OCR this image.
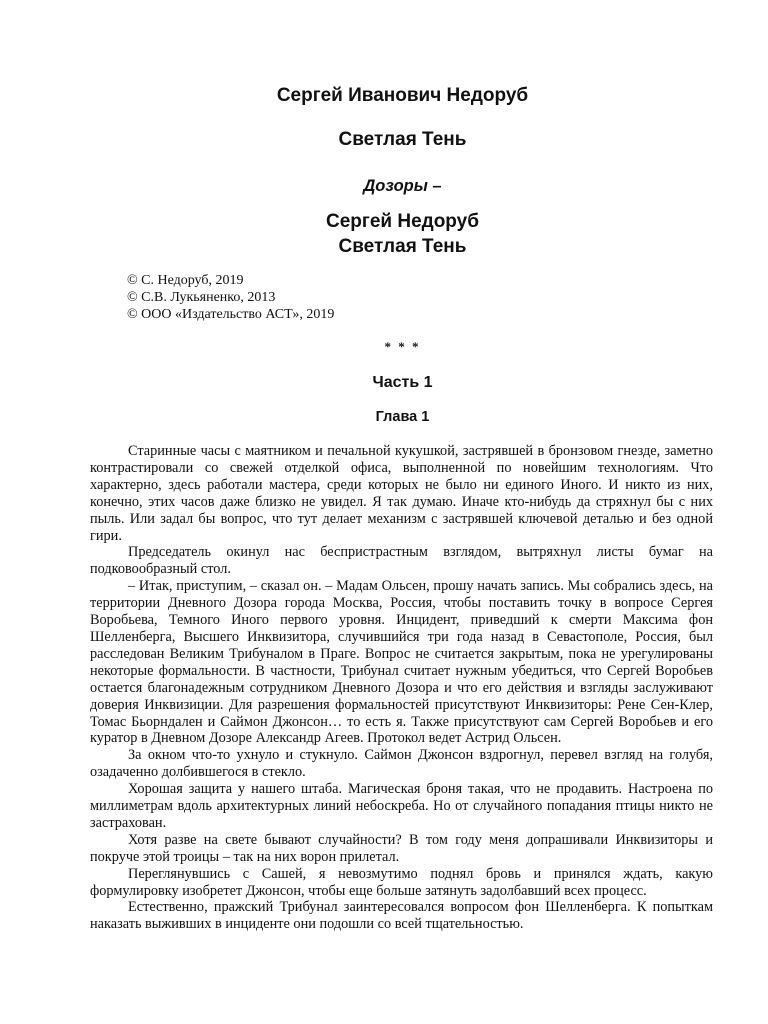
Сергей Иванович Недоруб
Светлая Тень
Дозоры –
Сергей Недоруб
Светлая Тень
© С. Недоруб, 2019
© С.В. Лукьяненко, 2013
© ООО «Издательство АСТ», 2019
* * *
Часть 1
Глава 1

Старинные часы с маятником и печальной кукушкой, застрявшей в бронзовом гнезде, заметно контрастировали со свежей отделкой офиса, выполненной по новейшим технологиям. Что характерно, здесь работали мастера, среди которых не было ни единого Иного. И никто из них, конечно, этих часов даже близко не увидел. Я так думаю. Иначе кто-нибудь да стряхнул бы с них пыль. Или задал бы вопрос, что тут делает механизм с застрявшей ключевой деталью и без одной гири.

Председатель окинул нас беспристрастным взглядом, вытряхнул листы бумаг на подковообразный стол.

– Итак, приступим, – сказал он. – Мадам Ольсен, прошу начать запись. Мы собрались здесь, на территории Дневного Дозора города Москва, Россия, чтобы поставить точку в вопросе Сергея Воробьева, Темного Иного первого уровня. Инцидент, приведший к смерти Максима фон Шелленберга, Высшего Инквизитора, случившийся три года назад в Севастополе, Россия, был расследован Великим Трибуналом в Праге. Вопрос не считается закрытым, пока не урегулированы некоторые формальности. В частности, Трибунал считает нужным убедиться, что Сергей Воробьев остается благонадежным сотрудником Дневного Дозора и что его действия и взгляды заслуживают доверия Инквизиции. Для разрешения формальностей присутствуют Инквизиторы: Рене Сен-Клер, Томас Бьорндален и Саймон Джонсон… то есть я. Также присутствуют сам Сергей Воробьев и его куратор в Дневном Дозоре Александр Агеев. Протокол ведет Астрид Ольсен.

За окном что-то ухнуло и стукнуло. Саймон Джонсон вздрогнул, перевел взгляд на голубя, озадаченно долбившегося в стекло.

Хорошая защита у нашего штаба. Магическая броня такая, что не продавить. Настроена по миллиметрам вдоль архитектурных линий небоскреба. Но от случайного попадания птицы никто не застрахован.

Хотя разве на свете бывают случайности? В том году меня допрашивали Инквизиторы и покруче этой троицы – так на них ворон прилетал.

Переглянувшись с Сашей, я невозмутимо поднял бровь и принялся ждать, какую формулировку изобретет Джонсон, чтобы еще больше затянуть задолбавший всех процесс.

Естественно, пражский Трибунал заинтересовался вопросом фон Шелленберга. К попыткам наказать выживших в инциденте они подошли со всей тщательностью.
